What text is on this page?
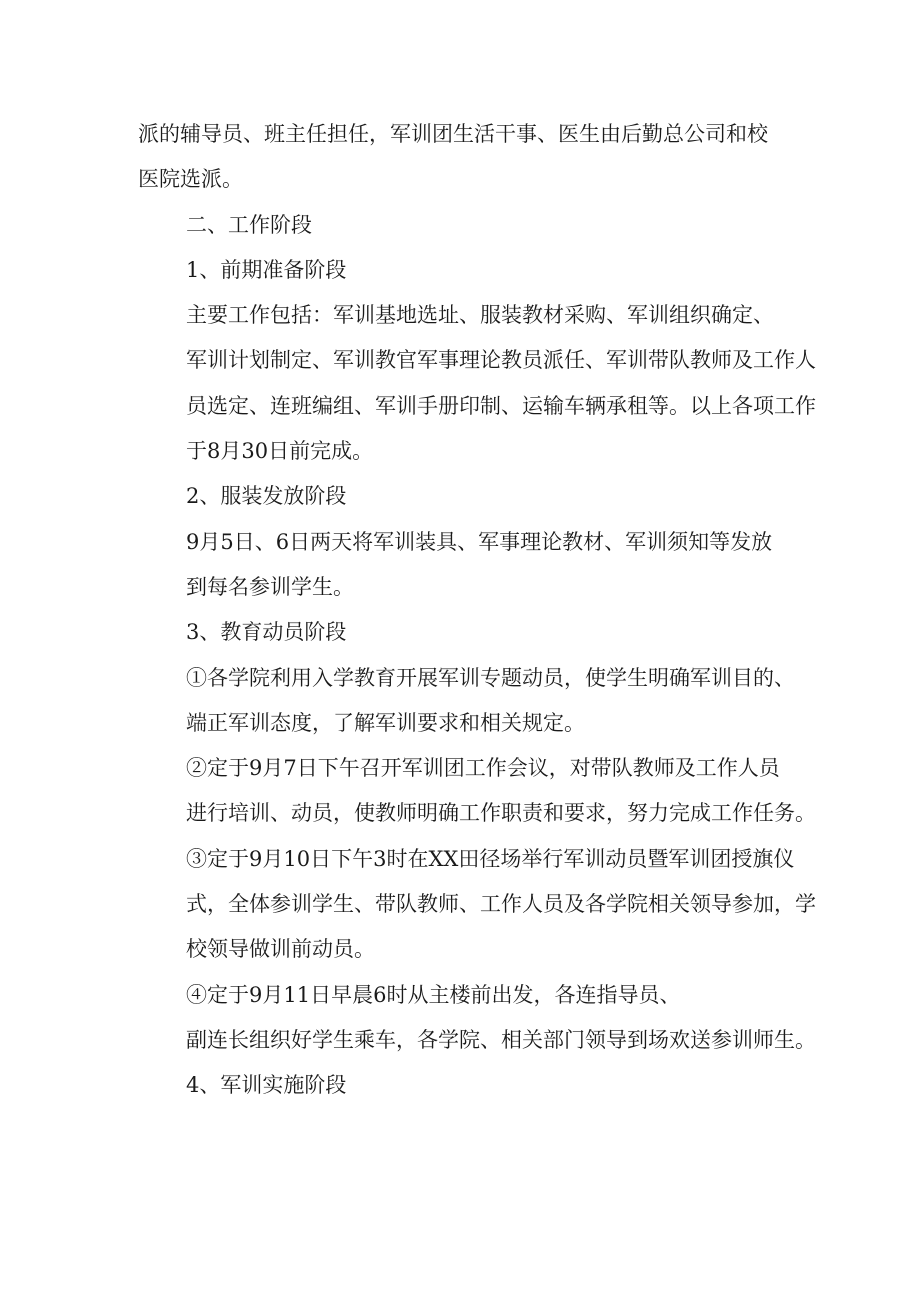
派的辅导员、班主任担任，军训团生活干事、医生由后勤总公司和校
医院选派。

二、工作阶段

1、前期准备阶段

主要工作包括：军训基地选址、服装教材采购、军训组织确定、
军训计划制定、军训教官军事理论教员派任、军训带队教师及工作人
员选定、连班编组、军训手册印制、运输车辆承租等。以上各项工作
于8月30日前完成。

2、服装发放阶段

9月5日、6日两天将军训装具、军事理论教材、军训须知等发放
到每名参训学生。

3、教育动员阶段

①各学院利用入学教育开展军训专题动员，使学生明确军训目的、
端正军训态度，了解军训要求和相关规定。

②定于9月7日下午召开军训团工作会议，对带队教师及工作人员
进行培训、动员，使教师明确工作职责和要求，努力完成工作任务。

③定于9月10日下午3时在XX田径场举行军训动员暨军训团授旗仪
式，全体参训学生、带队教师、工作人员及各学院相关领导参加，学
校领导做训前动员。

④定于9月11日早晨6时从主楼前出发，各连指导员、
副连长组织好学生乘车，各学院、相关部门领导到场欢送参训师生。

4、军训实施阶段
